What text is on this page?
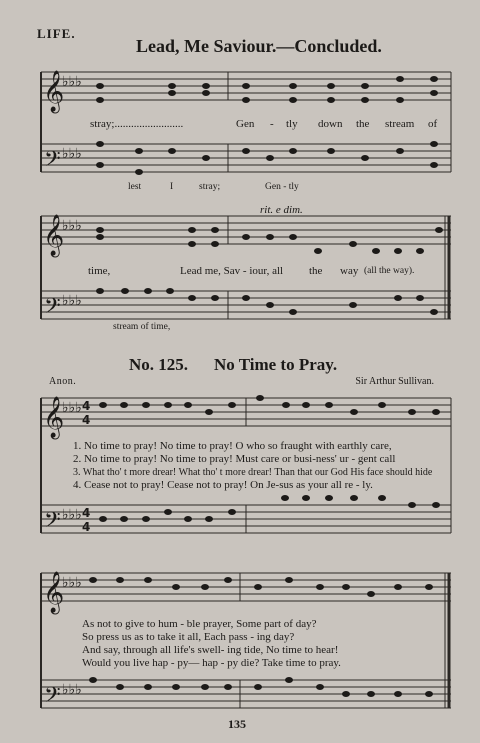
𝄞
𝄢
𝄞
𝄢
𝄞
𝄢
𝄞
𝄢
♭♭♭
♭♭♭
♭♭♭
♭♭♭
♭♭♭
♭♭♭
♭♭♭
♭♭♭
4
4
4
4
LIFE.
Lead, Me Saviour.—Concluded.
stray;.........................	Gen - tly down the stream of
lest	I	stray;	Gen - tly
rit. e dim.
time,	Lead me, Sav - iour, all the way (all the way).
stream of time,
No. 125. No Time to Pray.
Anon.	Sir Arthur Sullivan.
1. No time to pray! No time to pray! O who so fraught with earthly care,
2. No time to pray! No time to pray! Must care or busi-ness' ur - gent call
3. What tho' t more drear! What tho' t more drear! Than that our God His face should hide
4. Cease not to pray! Cease not to pray! On Je-sus as your all re - ly.
As not to give to hum - ble prayer, Some part of day?
So press us as to take it all, Each pass - ing day?
And say, through all life's swell- ing tide, No time to hear!
Would you live hap - py— hap - py die? Take time to pray.
135
